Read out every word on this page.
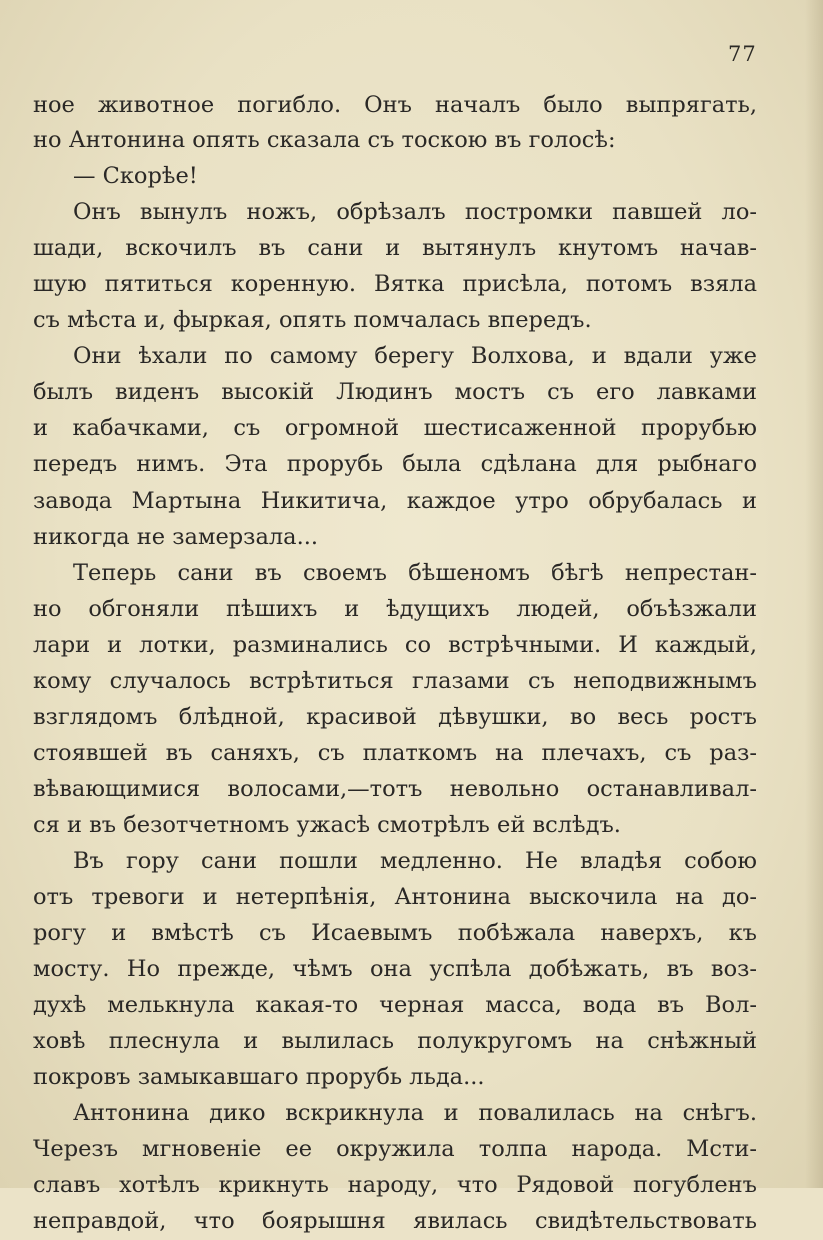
77
ное животное погибло. Онъ началъ было выпрягать,
но Антонина опять сказала съ тоскою въ голосѣ:
— Скорѣе!
Онъ вынулъ ножъ, обрѣзалъ постромки павшей ло-
шади, вскочилъ въ сани и вытянулъ кнутомъ начав-
шую пятиться коренную. Вятка присѣла, потомъ взяла
съ мѣста и, фыркая, опять помчалась впередъ.
Они ѣхали по самому берегу Волхова, и вдали уже
былъ виденъ высокій Людинъ мостъ съ его лавками
и кабачками, съ огромной шестисаженной прорубью
передъ нимъ. Эта прорубь была сдѣлана для рыбнаго
завода Мартына Никитича, каждое утро обрубалась и
никогда не замерзала...
Теперь сани въ своемъ бѣшеномъ бѣгѣ непрестан-
но обгоняли пѣшихъ и ѣдущихъ людей, объѣзжали
лари и лотки, разминались со встрѣчными. И каждый,
кому случалось встрѣтиться глазами съ неподвижнымъ
взглядомъ блѣдной, красивой дѣвушки, во весь ростъ
стоявшей въ саняхъ, съ платкомъ на плечахъ, съ раз-
вѣвающимися волосами,—тотъ невольно останавливал-
ся и въ безотчетномъ ужасѣ смотрѣлъ ей вслѣдъ.
Въ гору сани пошли медленно. Не владѣя собою
отъ тревоги и нетерпѣнія, Антонина выскочила на до-
рогу и вмѣстѣ съ Исаевымъ побѣжала наверхъ, къ
мосту. Но прежде, чѣмъ она успѣла добѣжать, въ воз-
духѣ мелькнула какая-то черная масса, вода въ Вол-
ховѣ плеснула и вылилась полукругомъ на снѣжный
покровъ замыкавшаго прорубь льда...
Антонина дико вскрикнула и повалилась на снѣгъ.
Черезъ мгновеніе ее окружила толпа народа. Мсти-
славъ хотѣлъ крикнуть народу, что Рядовой погубленъ
неправдой, что боярышня явилась свидѣтельствовать
